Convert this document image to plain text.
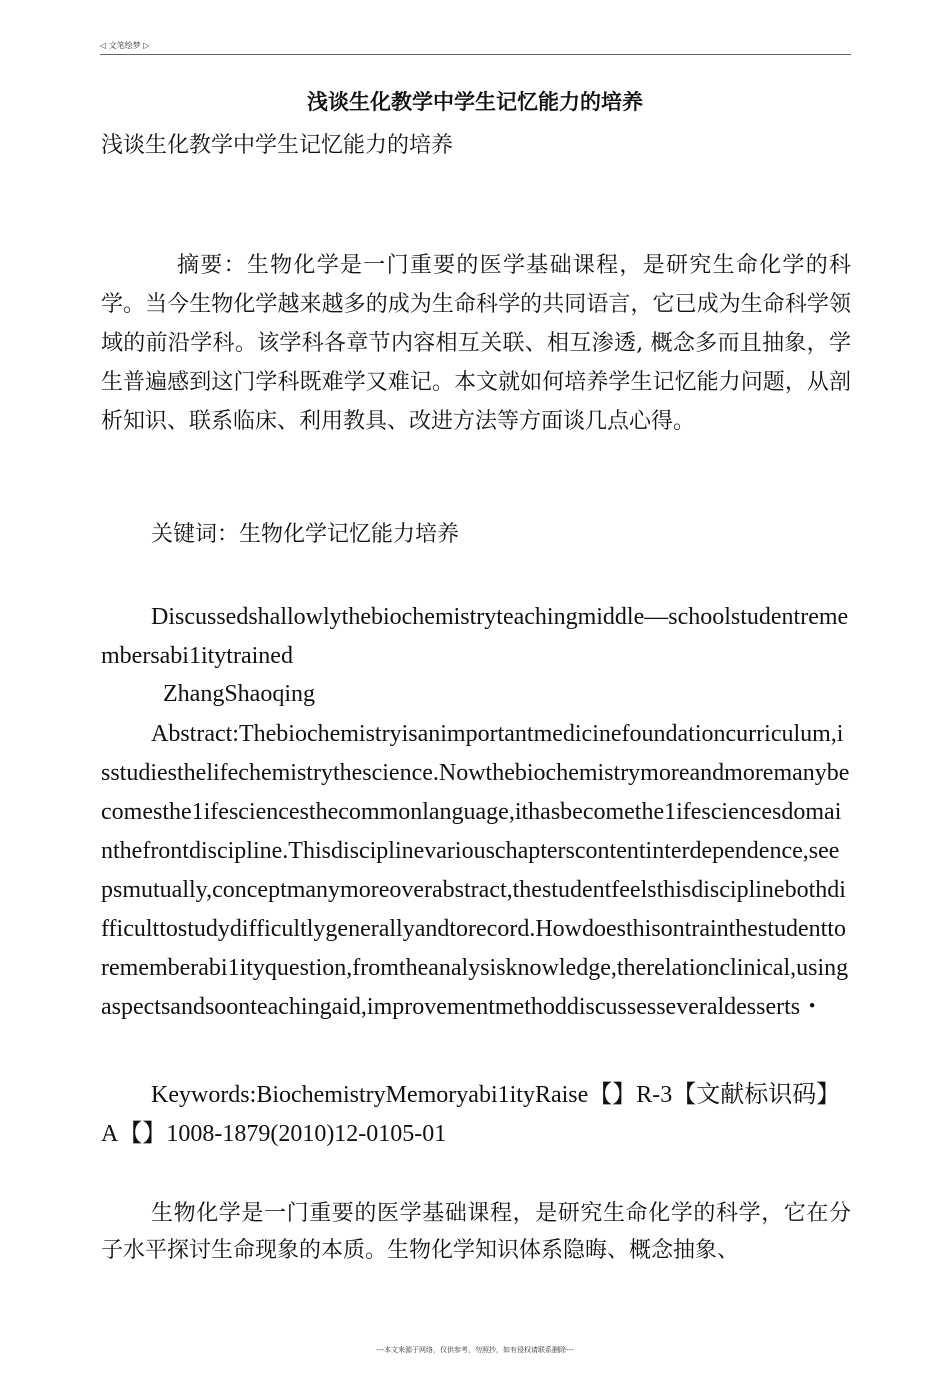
◁ 文笔绘梦 ▷
浅谈生化教学中学生记忆能力的培养
浅谈生化教学中学生记忆能力的培养
摘要：生物化学是一门重要的医学基础课程，是研究生命化学的科学。当今生物化学越来越多的成为生命科学的共同语言，它已成为生命科学领域的前沿学科。该学科各章节内容相互关联、相互渗透, 概念多而且抽象，学生普遍感到这门学科既难学又难记。本文就如何培养学生记忆能力问题，从剖析知识、联系临床、利用教具、改进方法等方面谈几点心得。
关键词：生物化学记忆能力培养
Discussedshallowlythebiochemistryteachingmiddle—schoolstudentremembersabi1itytrained
ZhangShaoqing
Abstract:Thebiochemistryisanimportantmedicinefoundationcurriculum,isstudiesthelifechemistrythescience.Nowthebiochemistrymoreandmoremanybecomesthe1ifesciencesthecommonlanguage,ithasbecomethe1ifesciencesdomainthefrontdiscipline.Thisdisciplinevariouschapterscontentinterdependence,seepsmutually,conceptmanymoreoverabstract,thestudentfeelsthisdisciplinebothdifficulttostudydifficultlygenerallyandtorecord.Howdoesthisontrainthestudenttorememberabi1ityquestion,fromtheanalysisknowledge,therelationclinical,usingaspectsandsoonteachingaid,improvementmethoddiscussesseveraldesserts・
Keywords:BiochemistryMemoryabi1ityRaise【】R-3【文献标识码】A【】1008-1879(2010)12-0105-01
生物化学是一门重要的医学基础课程，是研究生命化学的科学，它在分子水平探讨生命现象的本质。生物化学知识体系隐晦、概念抽象、
---本文来源于网络，仅供参考，勿照抄，如有侵权请联系删除---
